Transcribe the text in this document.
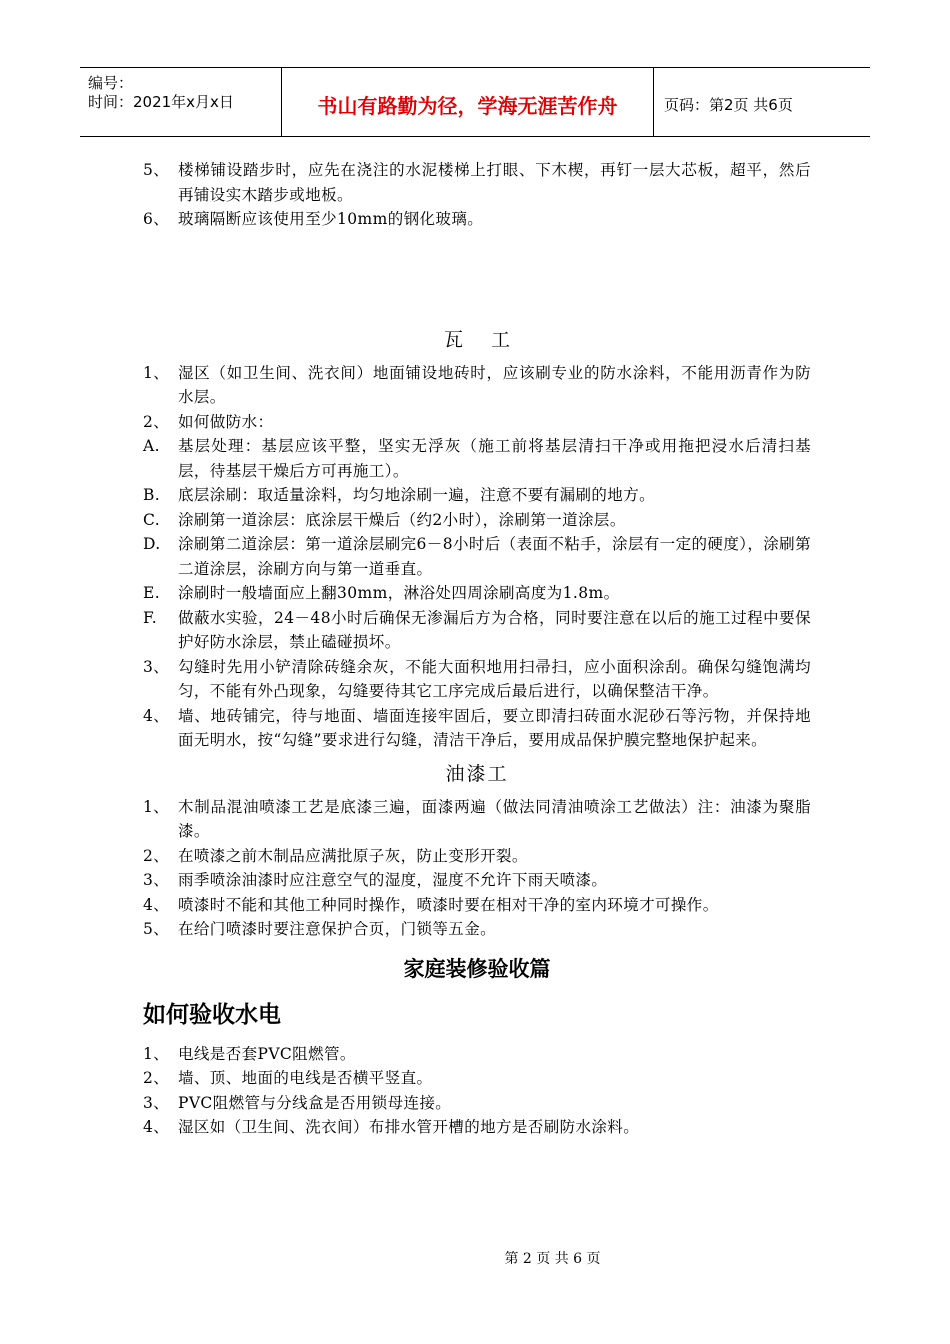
编号：
时间：2021年x月x日	书山有路勤为径，学海无涯苦作舟	页码：第2页 共6页
5、 楼梯铺设踏步时，应先在浇注的水泥楼梯上打眼、下木楔，再钉一层大芯板，超平，然后再铺设实木踏步或地板。
6、 玻璃隔断应该使用至少10mm的钢化玻璃。
瓦工
1、 湿区（如卫生间、洗衣间）地面铺设地砖时，应该刷专业的防水涂料，不能用沥青作为防水层。
2、 如何做防水：
A. 基层处理：基层应该平整，坚实无浮灰（施工前将基层清扫干净或用拖把浸水后清扫基层，待基层干燥后方可再施工）。
B. 底层涂刷：取适量涂料，均匀地涂刷一遍，注意不要有漏刷的地方。
C. 涂刷第一道涂层：底涂层干燥后（约2小时），涂刷第一道涂层。
D. 涂刷第二道涂层：第一道涂层刷完6－8小时后（表面不粘手，涂层有一定的硬度），涂刷第二道涂层，涂刷方向与第一道垂直。
E. 涂刷时一般墙面应上翻30mm，淋浴处四周涂刷高度为1.8m。
F. 做蔽水实验，24－48小时后确保无渗漏后方为合格，同时要注意在以后的施工过程中要保护好防水涂层，禁止磕碰损坏。
3、 勾缝时先用小铲清除砖缝余灰，不能大面积地用扫帚扫，应小面积涂刮。确保勾缝饱满均匀，不能有外凸现象，勾缝要待其它工序完成后最后进行，以确保整洁干净。
4、 墙、地砖铺完，待与地面、墙面连接牢固后，要立即清扫砖面水泥砂石等污物，并保持地面无明水，按“勾缝”要求进行勾缝，清洁干净后，要用成品保护膜完整地保护起来。
油漆工
1、 木制品混油喷漆工艺是底漆三遍，面漆两遍（做法同清油喷涂工艺做法）注：油漆为聚脂漆。
2、 在喷漆之前木制品应满批原子灰，防止变形开裂。
3、 雨季喷涂油漆时应注意空气的湿度，湿度不允许下雨天喷漆。
4、 喷漆时不能和其他工种同时操作，喷漆时要在相对干净的室内环境才可操作。
5、 在给门喷漆时要注意保护合页，门锁等五金。
家庭装修验收篇
如何验收水电
1、 电线是否套PVC阻燃管。
2、 墙、顶、地面的电线是否横平竖直。
3、 PVC阻燃管与分线盒是否用锁母连接。
4、 湿区如（卫生间、洗衣间）布排水管开槽的地方是否刷防水涂料。
第 2 页 共 6 页
